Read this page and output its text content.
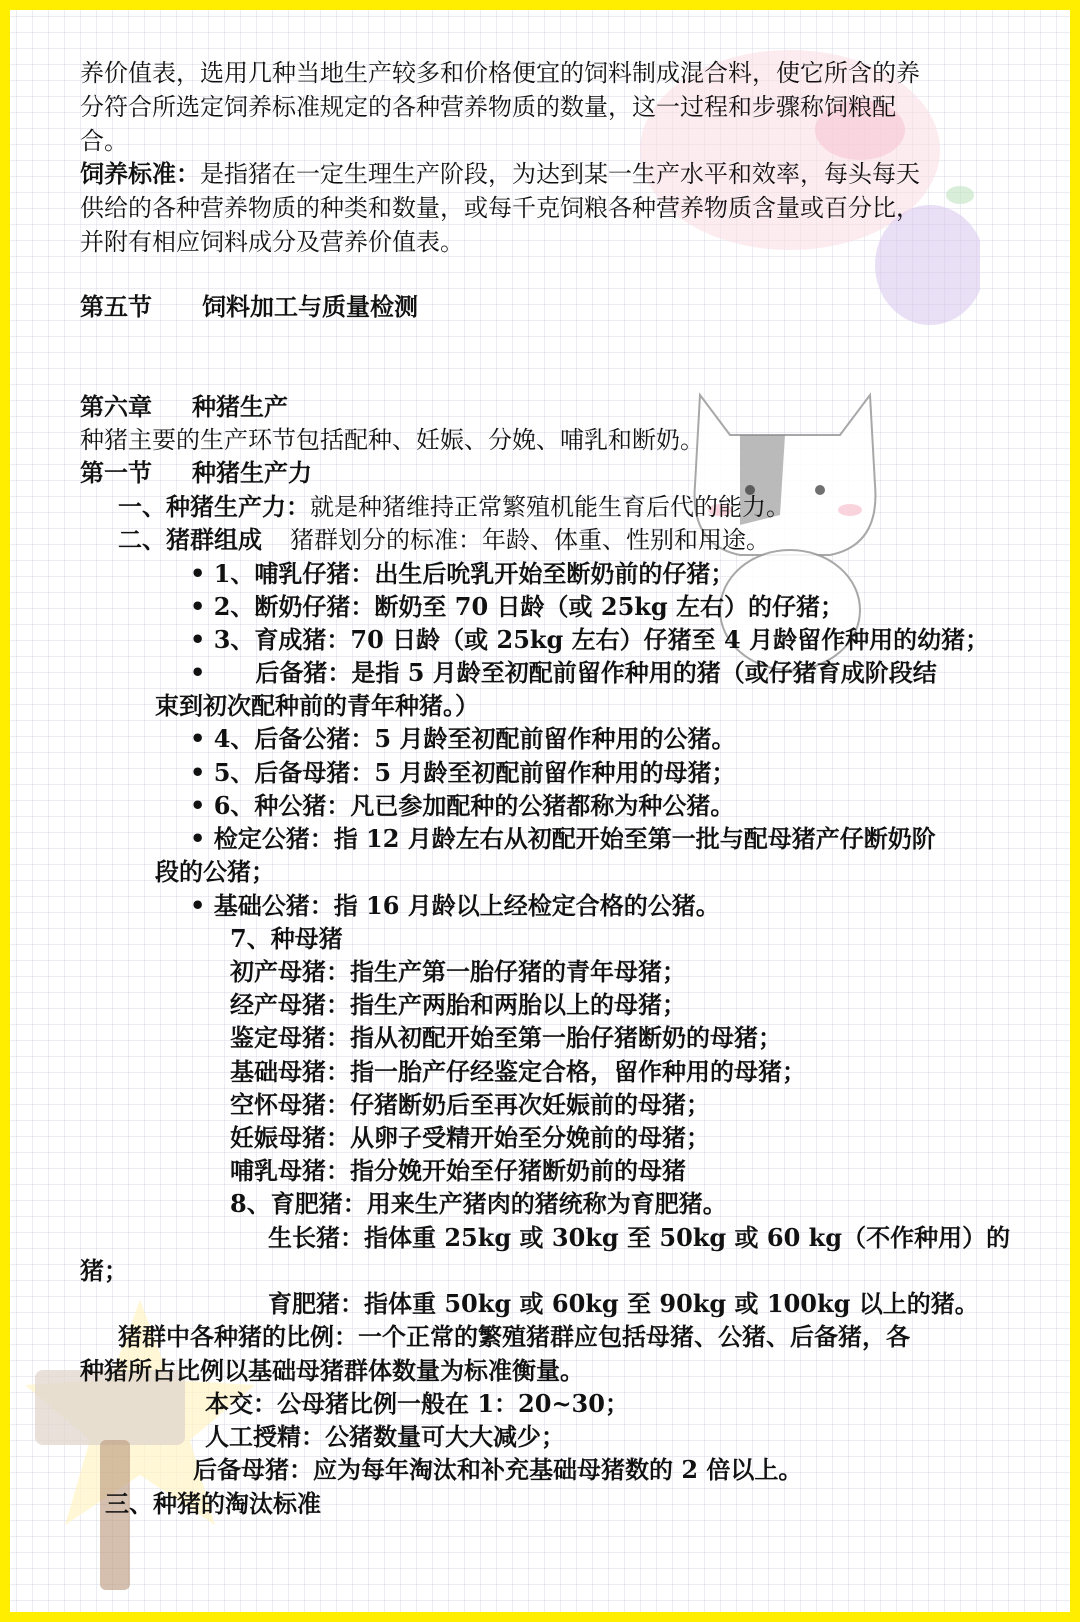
养价值表，选用几种当地生产较多和价格便宜的饲料制成混合料，使它所含的养
分符合所选定饲养标准规定的各种营养物质的数量，这一过程和步骤称饲粮配
合。
饲养标准：是指猪在一定生理生产阶段，为达到某一生产水平和效率，每头每天
供给的各种营养物质的种类和数量，或每千克饲粮各种营养物质含量或百分比，
并附有相应饲料成分及营养价值表。
第五节 饲料加工与质量检测
第六章 种猪生产
种猪主要的生产环节包括配种、妊娠、分娩、哺乳和断奶。
第一节 种猪生产力
一、种猪生产力：就是种猪维持正常繁殖机能生育后代的能力。
二、猪群组成 猪群划分的标准：年龄、体重、性别和用途。
• 1、哺乳仔猪：出生后吮乳开始至断奶前的仔猪；
• 2、断奶仔猪：断奶至 70 日龄（或 25kg 左右）的仔猪；
• 3、育成猪：70 日龄（或 25kg 左右）仔猪至 4 月龄留作种用的幼猪；
• 后备猪：是指 5 月龄至初配前留作种用的猪（或仔猪育成阶段结
束到初次配种前的青年种猪。）
• 4、后备公猪：5 月龄至初配前留作种用的公猪。
• 5、后备母猪：5 月龄至初配前留作种用的母猪；
• 6、种公猪：凡已参加配种的公猪都称为种公猪。
• 检定公猪：指 12 月龄左右从初配开始至第一批与配母猪产仔断奶阶
段的公猪；
• 基础公猪：指 16 月龄以上经检定合格的公猪。
7、种母猪
初产母猪：指生产第一胎仔猪的青年母猪；
经产母猪：指生产两胎和两胎以上的母猪；
鉴定母猪：指从初配开始至第一胎仔猪断奶的母猪；
基础母猪：指一胎产仔经鉴定合格，留作种用的母猪；
空怀母猪：仔猪断奶后至再次妊娠前的母猪；
妊娠母猪：从卵子受精开始至分娩前的母猪；
哺乳母猪：指分娩开始至仔猪断奶前的母猪
8、育肥猪：用来生产猪肉的猪统称为育肥猪。
生长猪：指体重 25kg 或 30kg 至 50kg 或 60 kg（不作种用）的
猪；
育肥猪：指体重 50kg 或 60kg 至 90kg 或 100kg 以上的猪。
猪群中各种猪的比例：一个正常的繁殖猪群应包括母猪、公猪、后备猪，各
种猪所占比例以基础母猪群体数量为标准衡量。
本交：公母猪比例一般在 1：20~30；
人工授精：公猪数量可大大减少；
后备母猪：应为每年淘汰和补充基础母猪数的 2 倍以上。
三、种猪的淘汰标准
